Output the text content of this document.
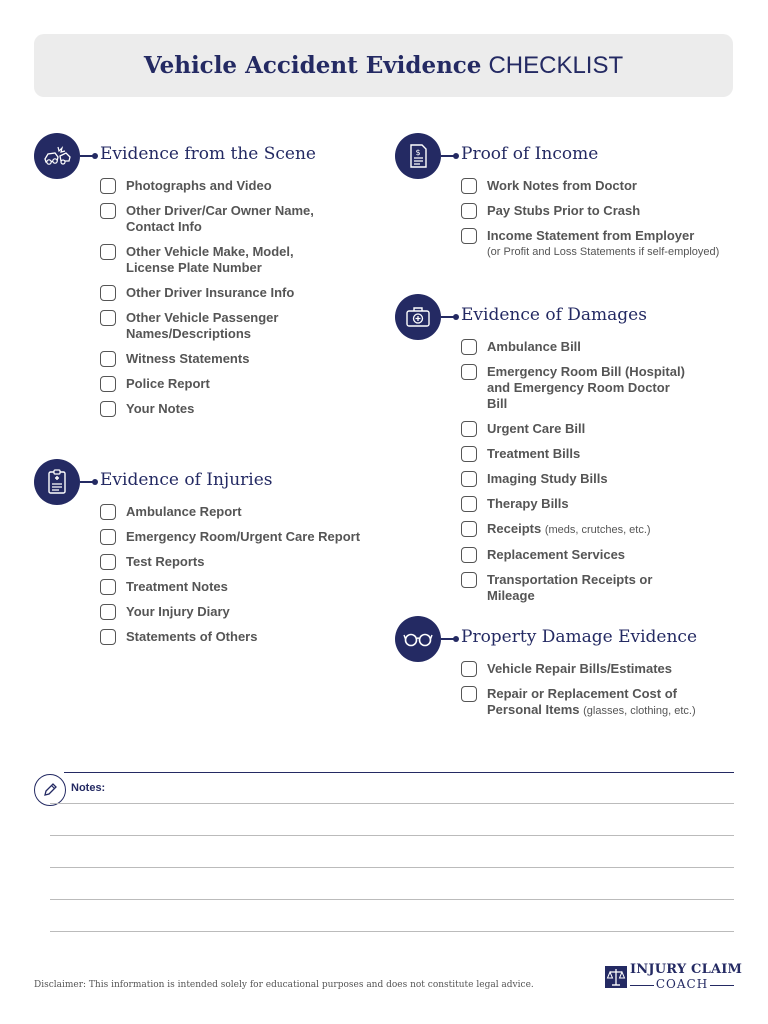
Vehicle Accident Evidence CHECKLIST
Evidence from the Scene
Photographs and Video
Other Driver/Car Owner Name, Contact Info
Other Vehicle Make, Model, License Plate Number
Other Driver Insurance Info
Other Vehicle Passenger Names/Descriptions
Witness Statements
Police Report
Your Notes
Evidence of Injuries
Ambulance Report
Emergency Room/Urgent Care Report
Test Reports
Treatment Notes
Your Injury Diary
Statements of Others
$ Proof of Income
Work Notes from Doctor
Pay Stubs Prior to Crash
Income Statement from Employer
(or Profit and Loss Statements if self-employed)
Evidence of Damages
Ambulance Bill
Emergency Room Bill (Hospital) and Emergency Room Doctor Bill
Urgent Care Bill
Treatment Bills
Imaging Study Bills
Therapy Bills
Receipts (meds, crutches, etc.)
Replacement Services
Transportation Receipts or Mileage
Property Damage Evidence
Vehicle Repair Bills/Estimates
Repair or Replacement Cost of Personal Items (glasses, clothing, etc.)
Notes:
Disclaimer: This information is intended solely for educational purposes and does not constitute legal advice.
INJURY CLAIM
COACH
